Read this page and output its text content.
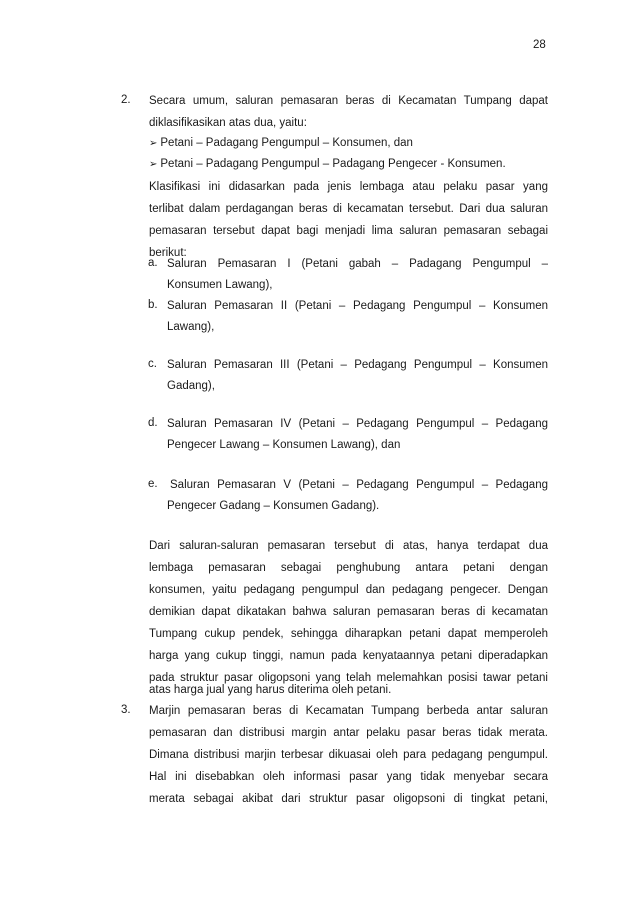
28
2. Secara umum, saluran pemasaran beras di Kecamatan Tumpang dapat
diklasifikasikan atas dua, yaitu:
➢ Petani – Padagang Pengumpul – Konsumen, dan
➢ Petani – Padagang Pengumpul – Padagang Pengecer - Konsumen.
Klasifikasi ini didasarkan pada jenis lembaga atau pelaku pasar yang
terlibat dalam perdagangan beras di kecamatan tersebut. Dari dua saluran
pemasaran tersebut dapat bagi menjadi lima saluran pemasaran sebagai
berikut:
a. Saluran Pemasaran I (Petani gabah – Padagang Pengumpul –
Konsumen Lawang),
b. Saluran Pemasaran II (Petani – Pedagang Pengumpul – Konsumen
Lawang),
c. Saluran Pemasaran III (Petani – Pedagang Pengumpul – Konsumen
Gadang),
d. Saluran Pemasaran IV (Petani – Pedagang Pengumpul – Pedagang
Pengecer Lawang – Konsumen Lawang), dan
e. Saluran Pemasaran V (Petani – Pedagang Pengumpul – Pedagang
Pengecer Gadang – Konsumen Gadang).
Dari saluran-saluran pemasaran tersebut di atas, hanya terdapat dua
lembaga pemasaran sebagai penghubung antara petani dengan
konsumen, yaitu pedagang pengumpul dan pedagang pengecer. Dengan
demikian dapat dikatakan bahwa saluran pemasaran beras di kecamatan
Tumpang cukup pendek, sehingga diharapkan petani dapat memperoleh
harga yang cukup tinggi, namun pada kenyataannya petani diperadapkan
pada struktur pasar oligopsoni yang telah melemahkan posisi tawar petani
atas harga jual yang harus diterima oleh petani.
3. Marjin pemasaran beras di Kecamatan Tumpang berbeda antar saluran
pemasaran dan distribusi margin antar pelaku pasar beras tidak merata.
Dimana distribusi marjin terbesar dikuasai oleh para pedagang pengumpul.
Hal ini disebabkan oleh informasi pasar yang tidak menyebar secara
merata sebagai akibat dari struktur pasar oligopsoni di tingkat petani,
